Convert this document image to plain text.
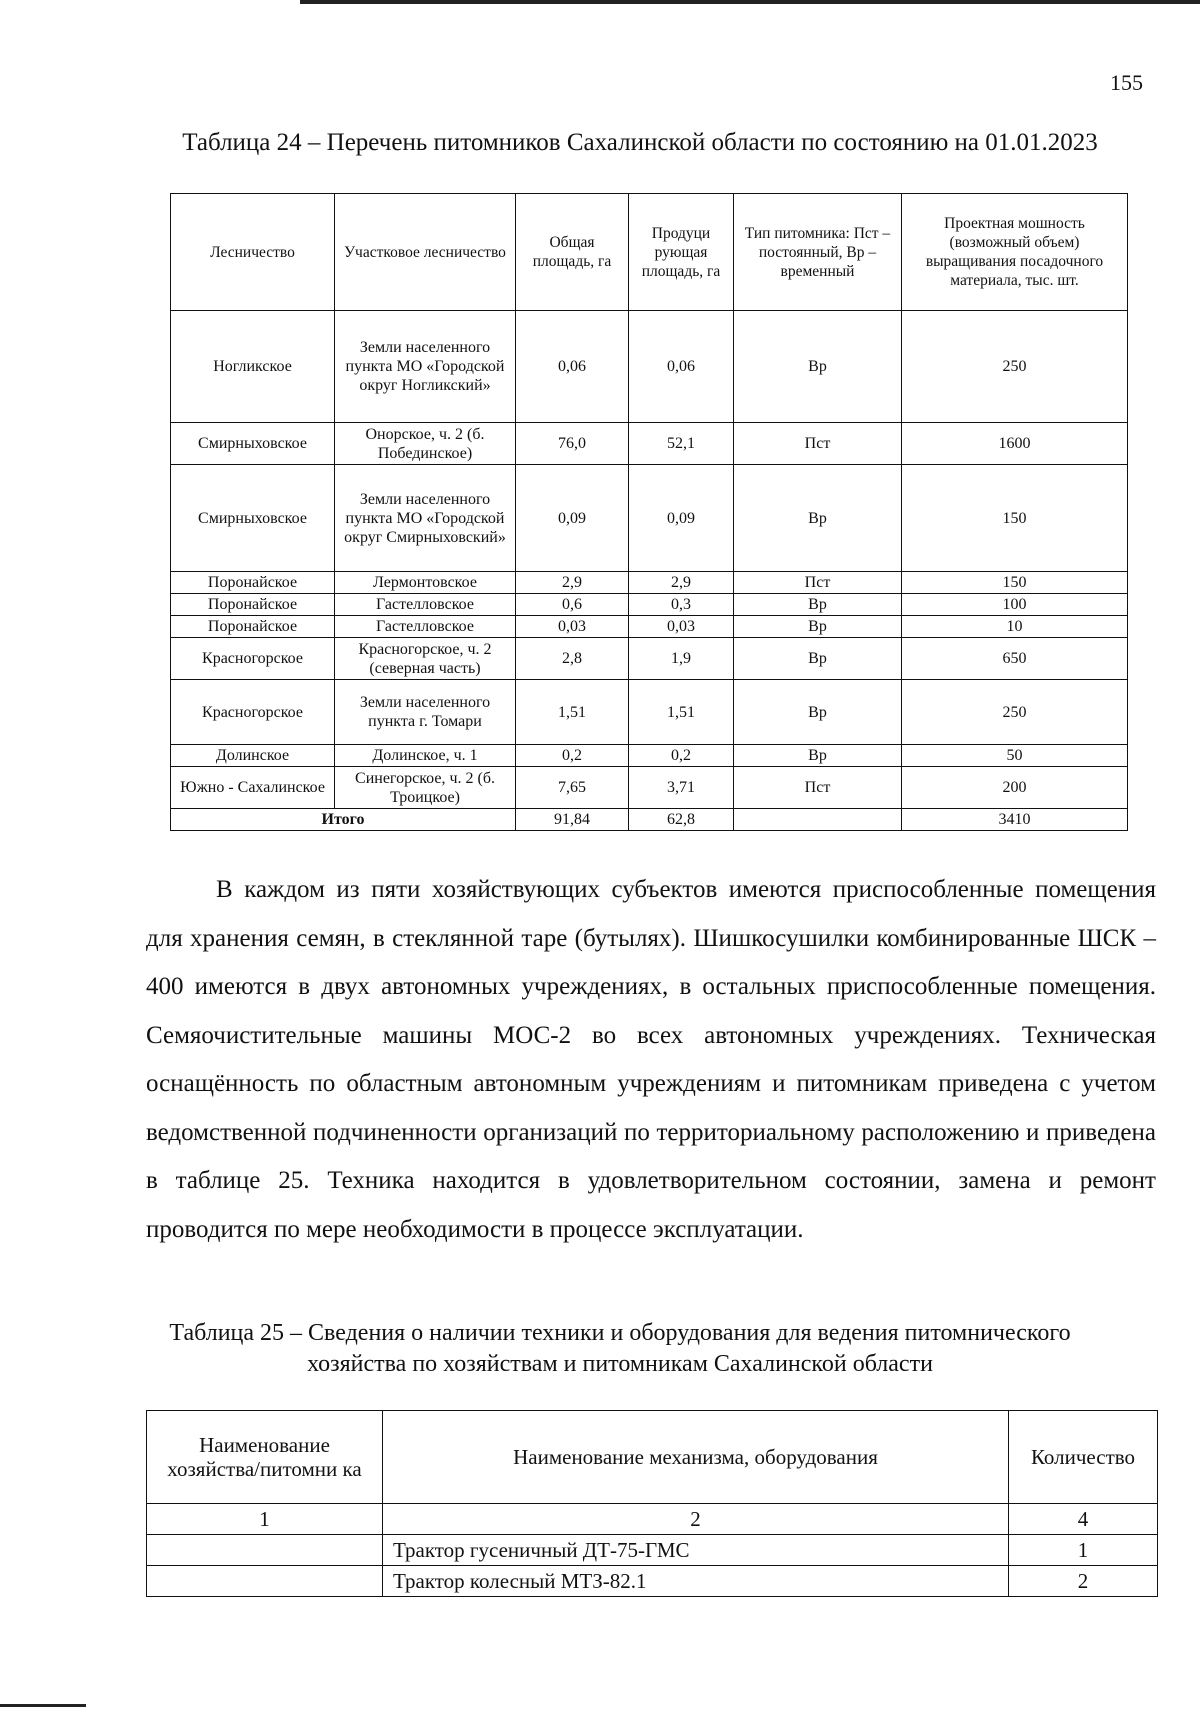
155
Таблица 24 – Перечень питомников Сахалинской области по состоянию на 01.01.2023
Лесничество	Участковое лесничество	Общая площадь, га	Продуци рующая площадь, га	Тип питомника: Пст – постоянный, Вр – временный	Проектная мошность (возможный объем) выращивания посадочного материала, тыс. шт.
Ногликское	Земли населенного пункта МО «Городской округ Ногликский»	0,06	0,06	Вр	250
Смирныховское	Онорское, ч. 2 (б. Побединское)	76,0	52,1	Пст	1600
Смирныховское	Земли населенного пункта МО «Городской округ Смирныховский»	0,09	0,09	Вр	150
Поронайское	Лермонтовское	2,9	2,9	Пст	150
Поронайское	Гастелловское	0,6	0,3	Вр	100
Поронайское	Гастелловское	0,03	0,03	Вр	10
Красногорское	Красногорское, ч. 2 (северная часть)	2,8	1,9	Вр	650
Красногорское	Земли населенного пункта г. Томари	1,51	1,51	Вр	250
Долинское	Долинское, ч. 1	0,2	0,2	Вр	50
Южно - Сахалинское	Синегорское, ч. 2 (б. Троицкое)	7,65	3,71	Пст	200
Итого		91,84	62,8		3410

В каждом из пяти хозяйствующих субъектов имеются приспособленные помещения для хранения семян, в стеклянной таре (бутылях). Шишкосушилки комбинированные ШСК – 400 имеются в двух автономных учреждениях, в остальных приспособленные помещения. Семяочистительные машины МОС-2 во всех автономных учреждениях. Техническая оснащённость по областным автономным учреждениям и питомникам приведена с учетом ведомственной подчиненности организаций по территориальному расположению и приведена в таблице 25. Техника находится в удовлетворительном состоянии, замена и ремонт проводится по мере необходимости в процессе эксплуатации.

Таблица 25 – Сведения о наличии техники и оборудования для ведения питомнического хозяйства по хозяйствам и питомникам Сахалинской области
Наименование хозяйства/питомни ка	Наименование механизма, оборудования	Количество
1	2	4
	Трактор гусеничный ДТ-75-ГМС	1
	Трактор колесный МТЗ-82.1	2
